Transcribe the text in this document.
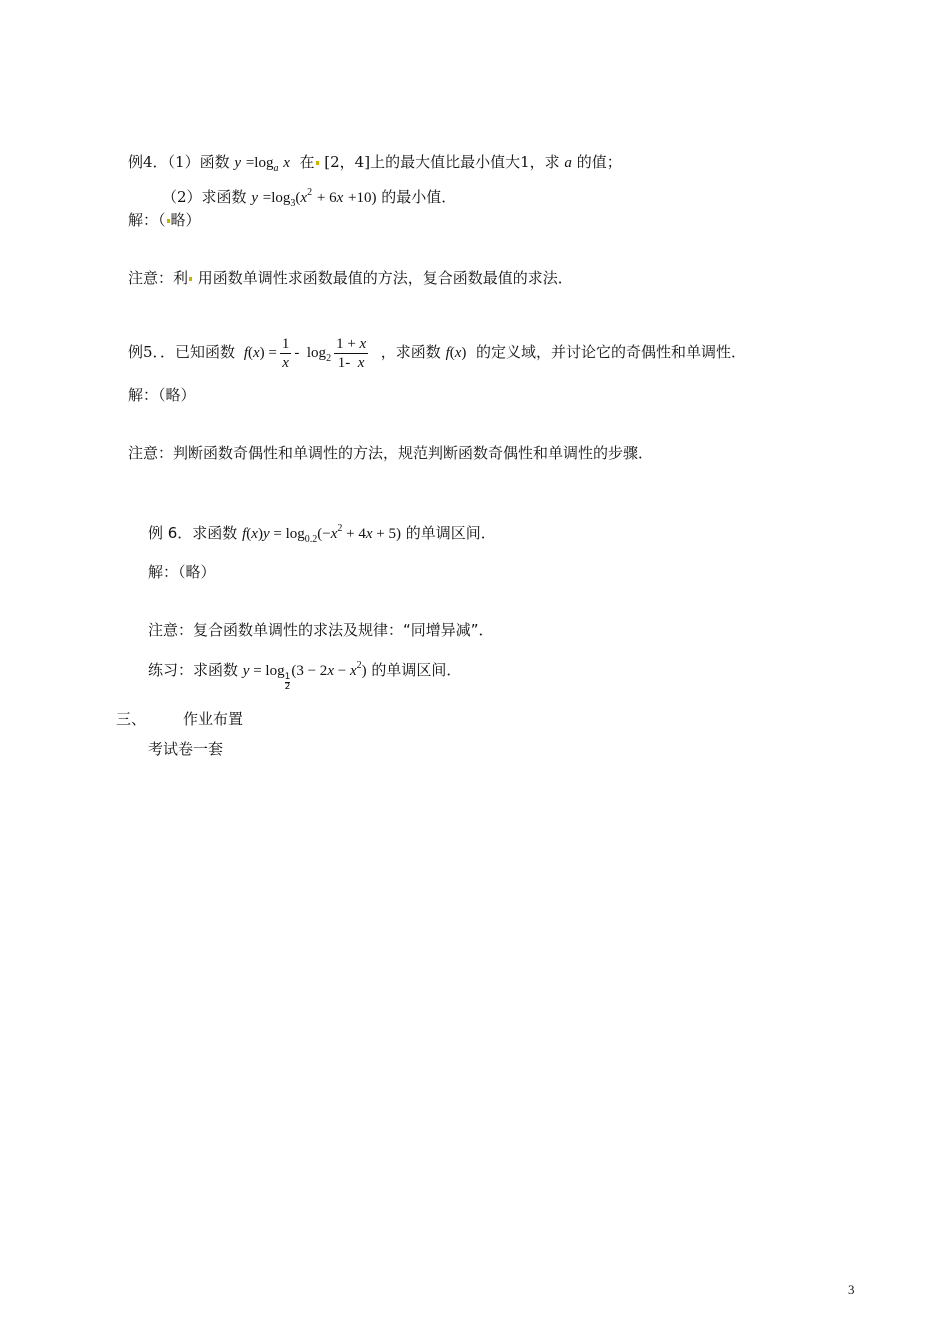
例4．（1）函数 $y =\log_a$ x 在 [2，4]上的最大值比最小值大1，求 a 的值；
（2）求函数 $y =\log_3(x^2 + 6x +10)$ 的最小值．
解：（ 略）
注意：利 用函数单调性求函数最值的方法，复合函数最值的求法．
例5．．已知函数 $f(x) = \frac{1}{x} - \log_2 \frac{1 + x}{1- x}$ ，求函数 f(x) 的定义域，并讨论它的奇偶性和单调性．
解：（略）
注意：判断函数奇偶性和单调性的方法，规范判断函数奇偶性和单调性的步骤．
例 6．求函数 $f(x)y = \log_{0.2}(-x^2 + 4x + 5)$ 的单调区间．
解：（略）
注意：复合函数单调性的求法及规律：“同增异减”．
练习：求函数 y = log
$\frac{1}{2}(3 - 2x - x^2)$ 的单调区间．
三、 作业布置
考试卷一套
3
